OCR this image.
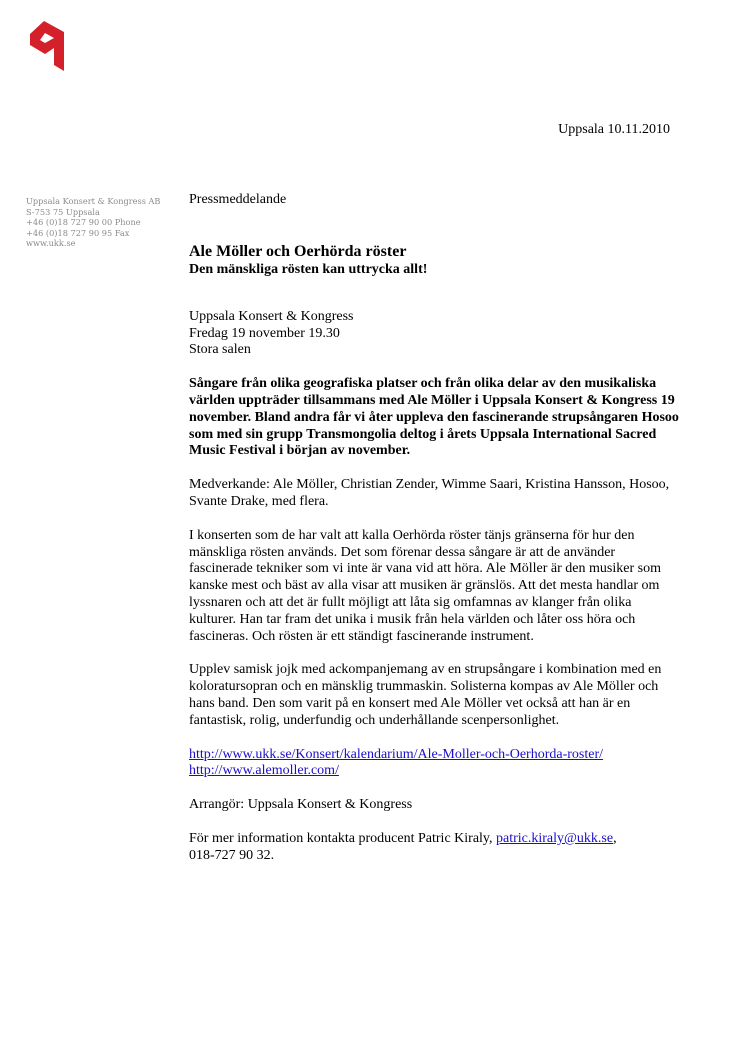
Uppsala 10.11.2010
Uppsala Konsert & Kongress AB
S-753 75 Uppsala
+46 (0)18 727 90 00 Phone
+46 (0)18 727 90 95 Fax
www.ukk.se

Pressmeddelande

Ale Möller och Oerhörda röster

Den mänskliga rösten kan uttrycka allt!

Uppsala Konsert & Kongress

Fredag 19 november 19.30

Stora salen

Sångare från olika geografiska platser och från olika delar av den musikaliska världen uppträder tillsammans med Ale Möller i Uppsala Konsert & Kongress 19 november. Bland andra får vi åter uppleva den fascinerande strupsångaren Hosoo som med sin grupp Transmongolia deltog i årets Uppsala International Sacred Music Festival i början av november.

Medverkande: Ale Möller, Christian Zender, Wimme Saari, Kristina Hansson, Hosoo, Svante Drake, med flera.

I konserten som de har valt att kalla Oerhörda röster tänjs gränserna för hur den mänskliga rösten används. Det som förenar dessa sångare är att de använder fascinerade tekniker som vi inte är vana vid att höra. Ale Möller är den musiker som kanske mest och bäst av alla visar att musiken är gränslös. Att det mesta handlar om lyssnaren och att det är fullt möjligt att låta sig omfamnas av klanger från olika kulturer. Han tar fram det unika i musik från hela världen och låter oss höra och fascineras. Och rösten är ett ständigt fascinerande instrument.

Upplev samisk jojk med ackompanjemang av en strupsångare i kombination med en koloratursopran och en mänsklig trummaskin. Solisterna kompas av Ale Möller och hans band. Den som varit på en konsert med Ale Möller vet också att han är en fantastisk, rolig, underfundig och underhållande scenpersonlighet.

http://www.ukk.se/Konsert/kalendarium/Ale-Moller-och-Oerhorda-roster/

http://www.alemoller.com/

Arrangör: Uppsala Konsert & Kongress

För mer information kontakta producent Patric Kiraly, patric.kiraly@ukk.se,
018-727 90 32.
